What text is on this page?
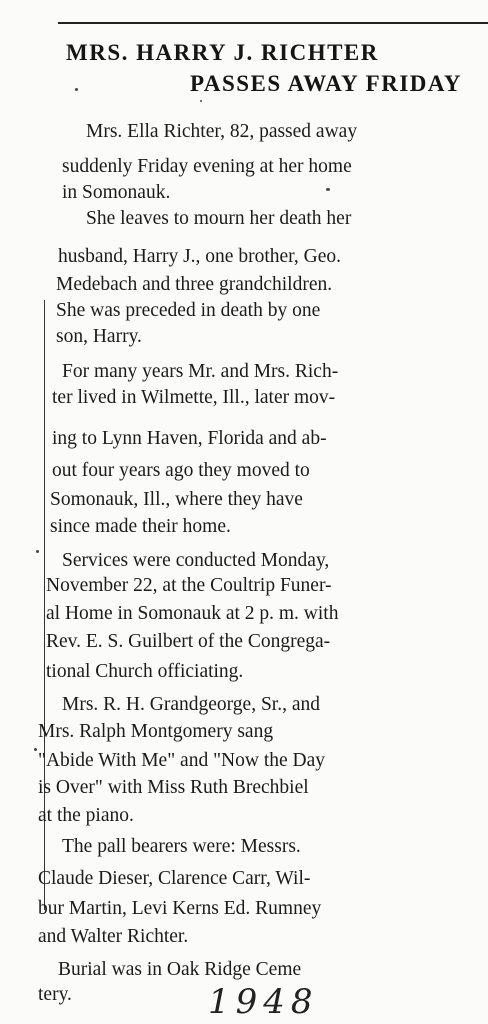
MRS. HARRY J. RICHTER
PASSES AWAY FRIDAY
Mrs. Ella Richter, 82, passed away
suddenly Friday evening at her home
in Somonauk.
She leaves to mourn her death her
husband, Harry J., one brother, Geo.
Medebach and three grandchildren.
She was preceded in death by one
son, Harry.
For many years Mr. and Mrs. Rich-
ter lived in Wilmette, Ill., later mov-
ing to Lynn Haven, Florida and ab-
out four years ago they moved to
Somonauk, Ill., where they have
since made their home.
Services were conducted Monday,
November 22, at the Coultrip Funer-
al Home in Somonauk at 2 p. m. with
Rev. E. S. Guilbert of the Congrega-
tional Church officiating.
Mrs. R. H. Grandgeorge, Sr., and
Mrs. Ralph Montgomery sang
"Abide With Me" and "Now the Day
is Over" with Miss Ruth Brechbiel
at the piano.
The pall bearers were: Messrs.
Claude Dieser, Clarence Carr, Wil-
bur Martin, Levi Kerns Ed. Rumney
and Walter Richter.
Burial was in Oak Ridge Ceme
tery.	1948
